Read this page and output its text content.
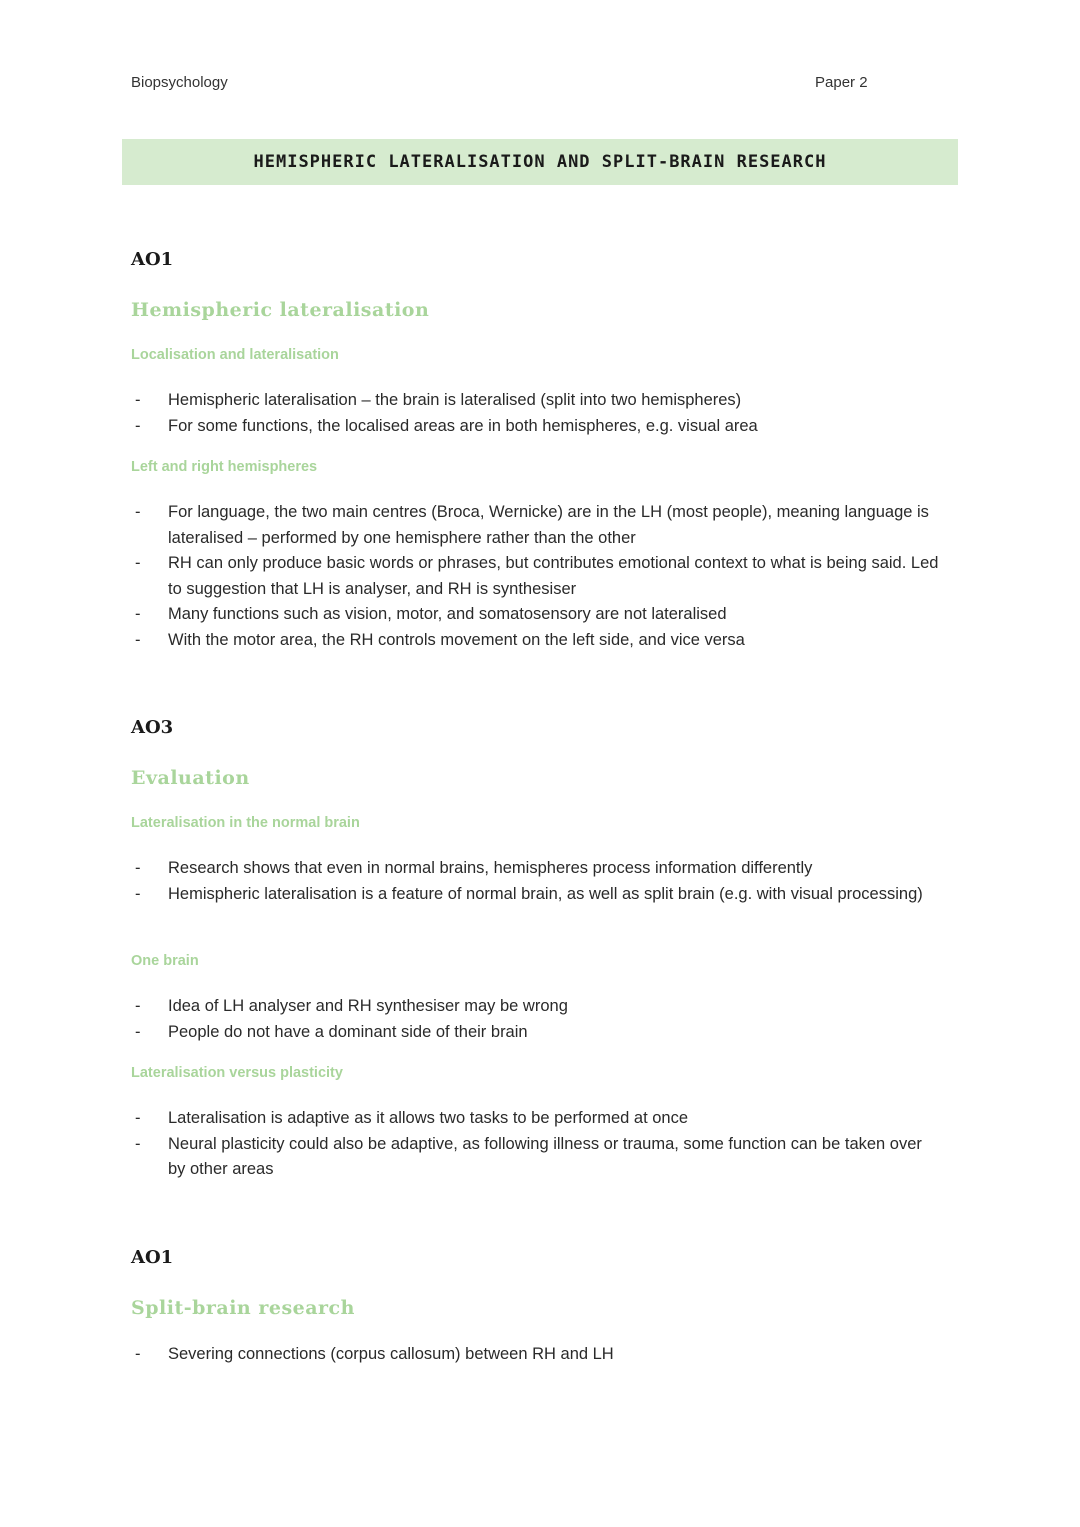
Biopsychology	Paper 2
HEMISPHERIC LATERALISATION AND SPLIT-BRAIN RESEARCH
AO1
Hemispheric lateralisation
Localisation and lateralisation
- Hemispheric lateralisation – the brain is lateralised (split into two hemispheres)
- For some functions, the localised areas are in both hemispheres, e.g. visual area
Left and right hemispheres
- For language, the two main centres (Broca, Wernicke) are in the LH (most people), meaning language is lateralised – performed by one hemisphere rather than the other
- RH can only produce basic words or phrases, but contributes emotional context to what is being said. Led to suggestion that LH is analyser, and RH is synthesiser
- Many functions such as vision, motor, and somatosensory are not lateralised
- With the motor area, the RH controls movement on the left side, and vice versa
AO3
Evaluation
Lateralisation in the normal brain
- Research shows that even in normal brains, hemispheres process information differently
- Hemispheric lateralisation is a feature of normal brain, as well as split brain (e.g. with visual processing)
One brain
- Idea of LH analyser and RH synthesiser may be wrong
- People do not have a dominant side of their brain
Lateralisation versus plasticity
- Lateralisation is adaptive as it allows two tasks to be performed at once
- Neural plasticity could also be adaptive, as following illness or trauma, some function can be taken over by other areas
AO1
Split-brain research
- Severing connections (corpus callosum) between RH and LH
